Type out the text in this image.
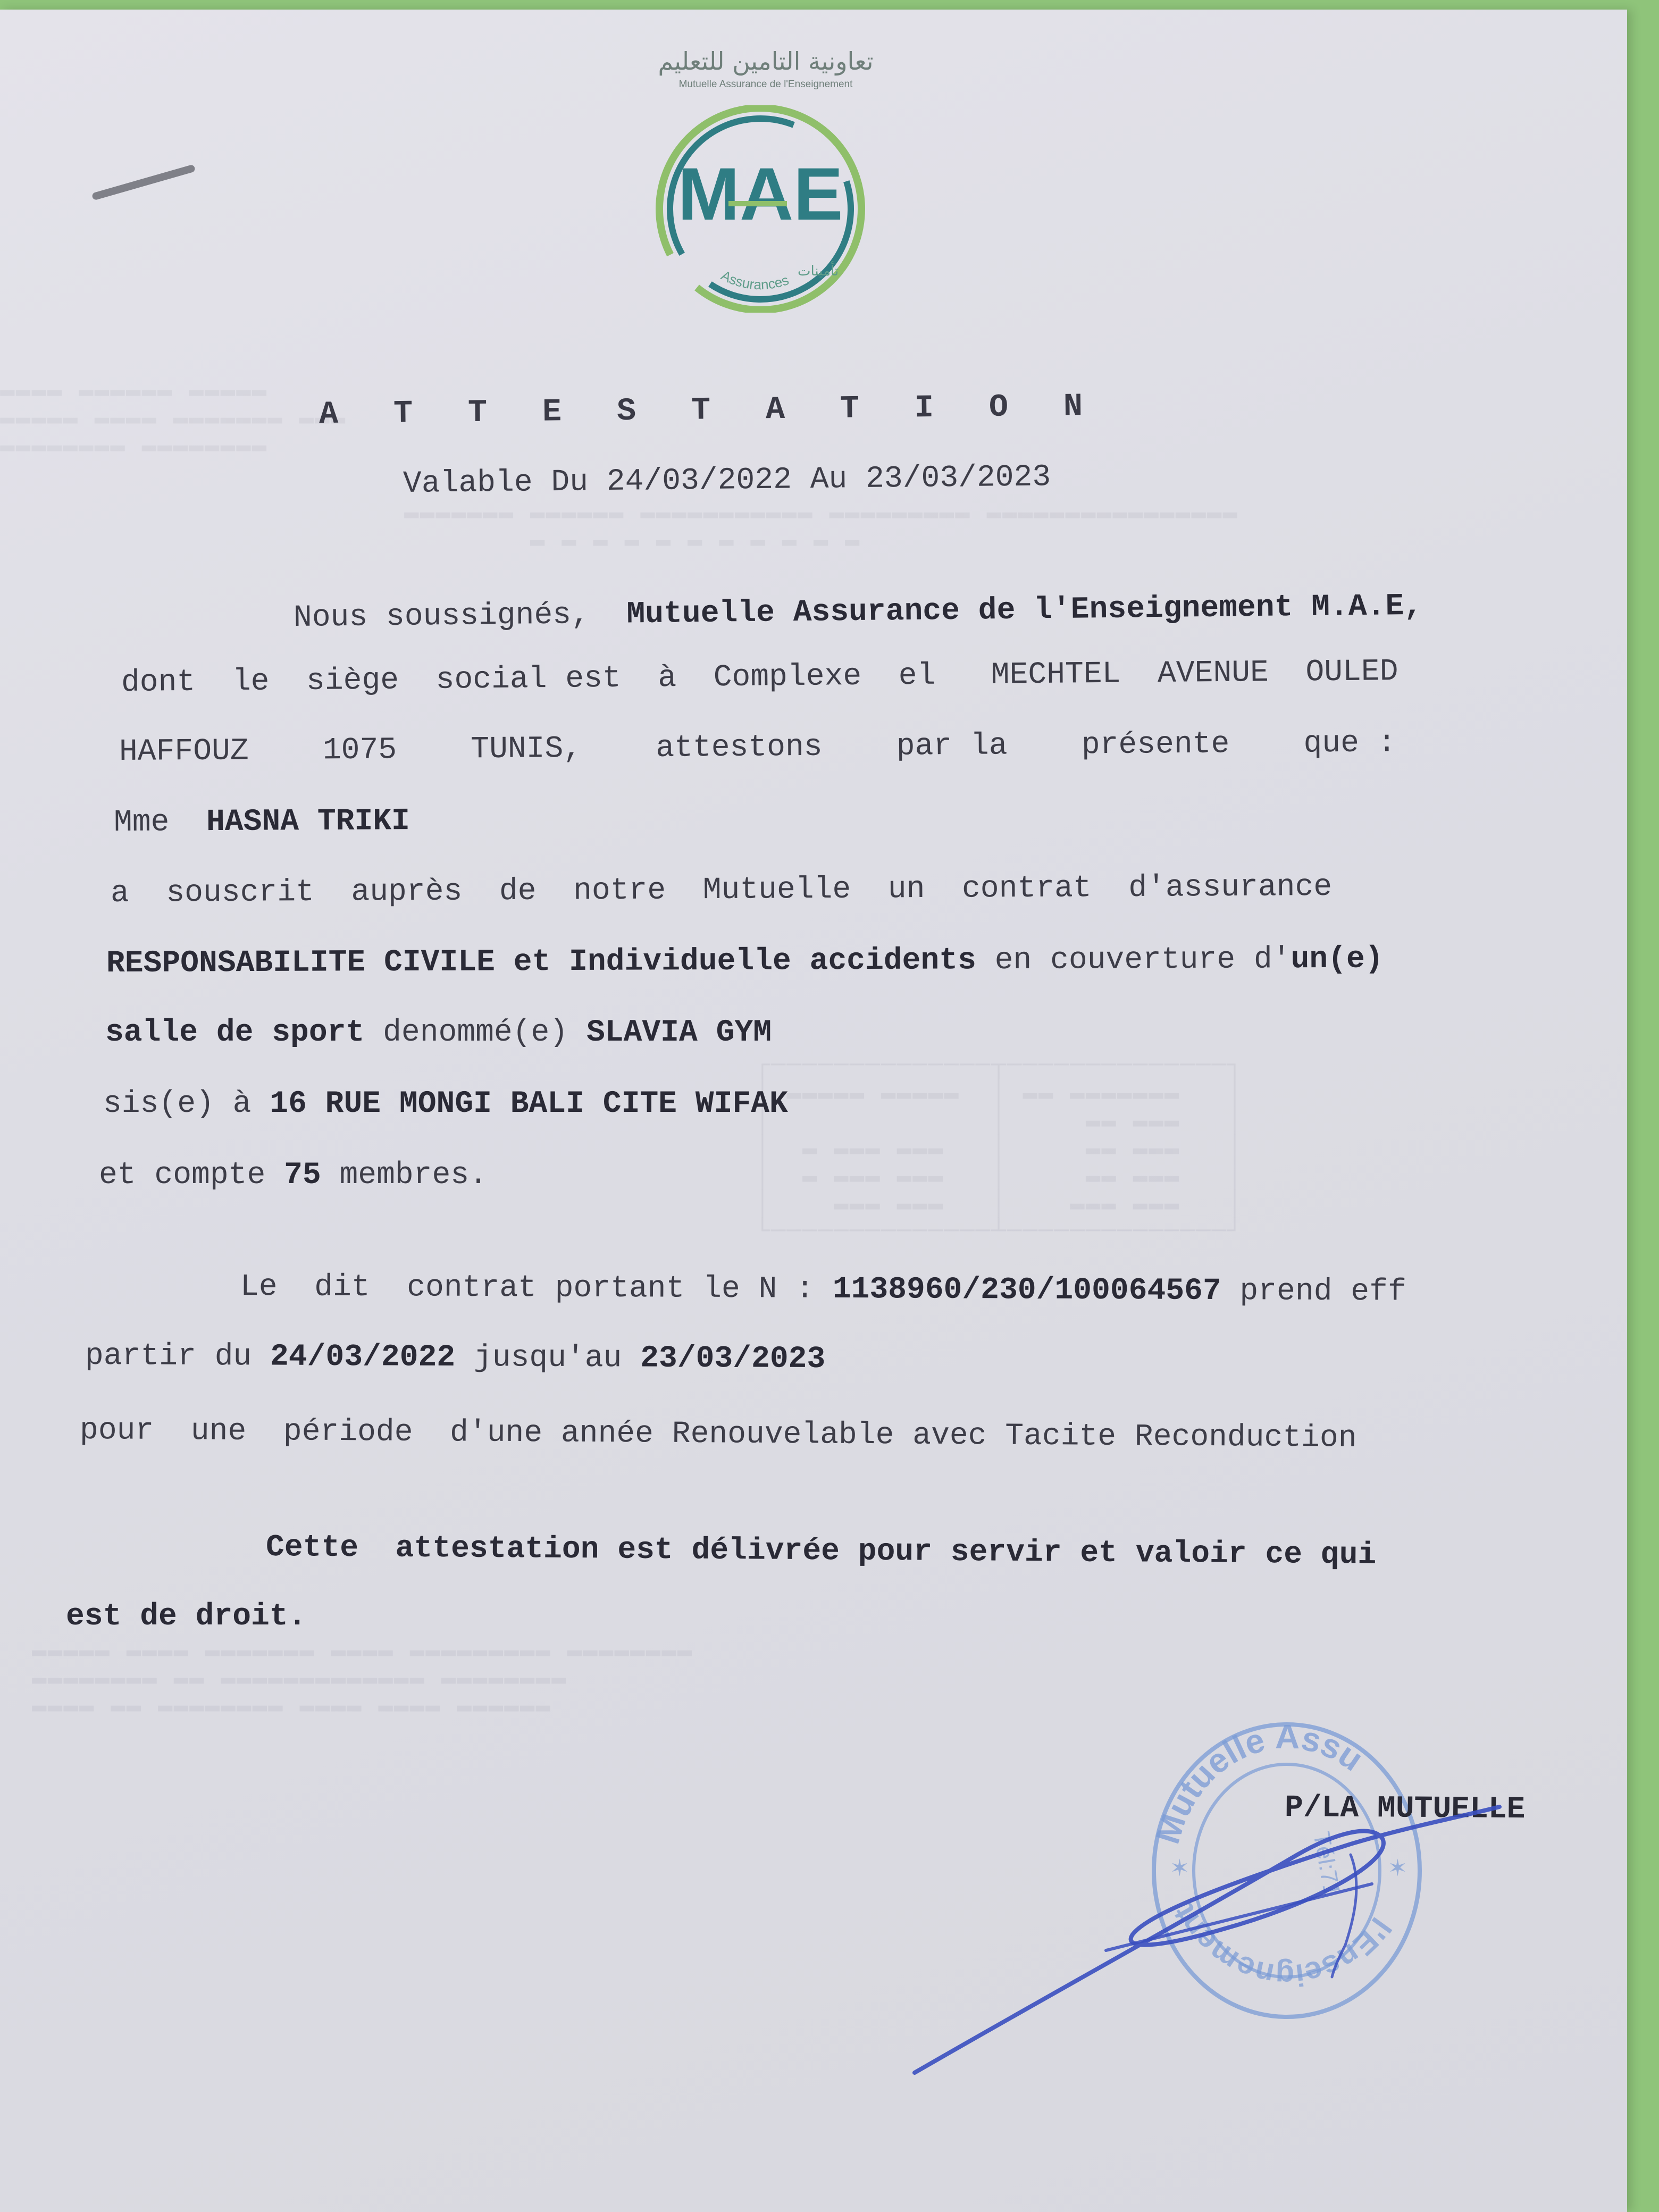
▬▬▬▬ ▬▬▬▬▬▬ ▬▬▬▬▬
▬▬▬▬▬ ▬▬▬▬ ▬▬▬▬▬▬▬ ▬▬▬
▬▬▬▬▬▬▬▬ ▬▬▬▬▬▬▬▬
▬▬▬▬▬▬▬ ▬▬▬▬▬▬ ▬▬▬▬▬▬▬▬▬▬▬ ▬▬▬▬▬▬▬▬▬ ▬▬▬▬▬▬▬▬▬▬▬▬▬▬▬▬
▬ ▬ ▬ ▬ ▬ ▬ ▬ ▬ ▬ ▬ ▬
┌──────────────┬──────────────┐
│ ▬▬▬▬▬ ▬▬▬▬▬  │ ▬▬ ▬▬▬▬▬▬▬   │
│              │     ▬▬ ▬▬▬   │
│  ▬ ▬▬▬ ▬▬▬   │     ▬▬ ▬▬▬   │
│  ▬ ▬▬▬ ▬▬▬   │     ▬▬ ▬▬▬   │
│    ▬▬▬ ▬▬▬   │    ▬▬▬ ▬▬▬   │
└──────────────┴──────────────┘
▬▬▬▬▬ ▬▬▬▬ ▬▬▬▬▬▬▬ ▬▬▬▬ ▬▬▬▬▬▬▬▬▬ ▬▬▬▬▬▬▬▬
▬▬▬▬▬▬▬▬ ▬▬ ▬▬▬▬▬▬▬▬▬▬▬▬▬ ▬▬▬▬▬▬▬▬
▬▬▬▬ ▬▬ ▬▬▬▬▬▬▬▬ ▬▬▬▬ ▬▬▬▬ ▬▬▬▬▬▬
تعاونية التامين للتعليم
Mutuelle Assurance de l'Enseignement
MAE
Assurances
تأمينات
ATTESTATION
Valable Du 24/03/2022 Au 23/03/2023
Nous soussignés, Mutuelle Assurance de l'Enseignement M.A.E,
dont  le  siège  social est  à  Complexe  el   MECHTEL  AVENUE  OULED
HAFFOUZ    1075    TUNIS,    attestons    par la    présente    que :
Mme HASNA TRIKI
a  souscrit  auprès  de  notre  Mutuelle  un  contrat  d'assurance
RESPONSABILITE CIVILE et Individuelle accidents en couverture d'un(e)
salle de sport denommé(e) SLAVIA GYM
sis(e) à 16 RUE MONGI BALI CITE WIFAK
et compte 75 membres.
Le  dit  contrat portant le N : 1138960/230/100064567 prend eff
partir du 24/03/2022 jusqu'au 23/03/2023
pour  une  période  d'une année Renouvelable avec Tacite Reconduction
Cette  attestation est délivrée pour servir et valoir ce qui
est de droit.
Mutuelle Assu
l'Enseignement
Tél:71
✶	✶
P/LA MUTUELLE
